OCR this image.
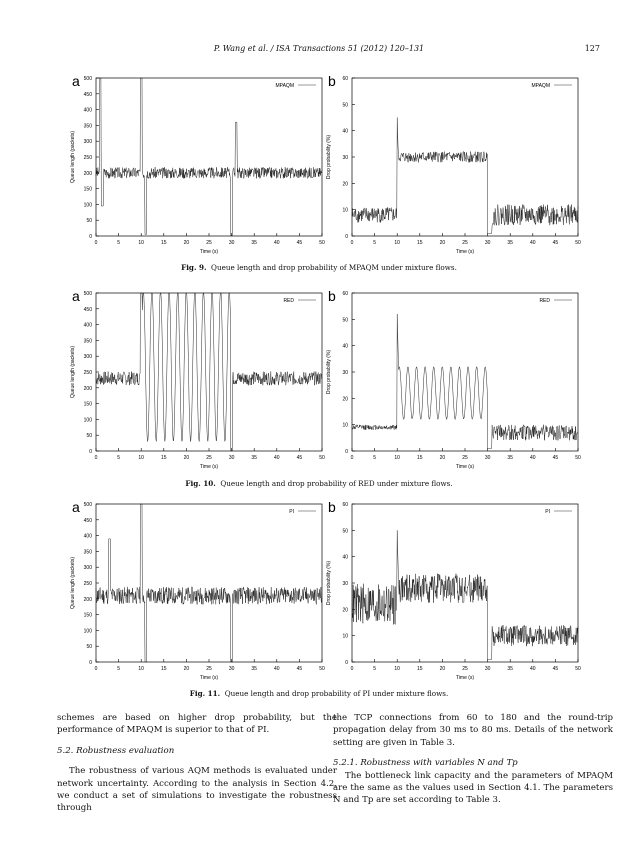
P. Wang et al. / ISA Transactions 51 (2012) 120–131	127
a
0
50
100
150
200
250
300
350
400
450
500
0	5	10	15	20	25	30	35	40	45	50
Time (s)
Queue length (packets)
MPAQM b
0
10
20
30
40
50
60
0	5	10	15	20	25	30	35	40	45	50
Time (s)
Drop probability (%)
MPAQM
Fig. 9. Queue length and drop probability of MPAQM under mixture flows.
a
0
50
100
150
200
250
300
350
400
450
500
0	5	10	15	20	25	30	35	40	45	50
Time (s)
Queue length (packets)
RED b
0
10
20
30
40
50
60
0	5	10	15	20	25	30	35	40	45	50
Time (s)
Drop probability (%)
RED
Fig. 10. Queue length and drop probability of RED under mixture flows.
a
0
50
100
150
200
250
300
350
400
450
500
0	5	10	15	20	25	30	35	40	45	50
Time (s)
Queue length (packets)
PI b
0
10
20
30
40
50
60
0	5	10	15	20	25	30	35	40	45	50
Time (s)
Drop probability (%)
PI
Fig. 11. Queue length and drop probability of PI under mixture flows.

schemes are based on higher drop probability, but the performance of MPAQM is superior to that of PI.

5.2. Robustness evaluation

The robustness of various AQM methods is evaluated under network uncertainty. According to the analysis in Section 4.2, we conduct a set of simulations to investigate the robustness through

the TCP connections from 60 to 180 and the round-trip propagation delay from 30 ms to 80 ms. Details of the network setting are given in Table 3.

5.2.1. Robustness with variables N and Tp

The bottleneck link capacity and the parameters of MPAQM are the same as the values used in Section 4.1. The parameters N and Tp are set according to Table 3.
